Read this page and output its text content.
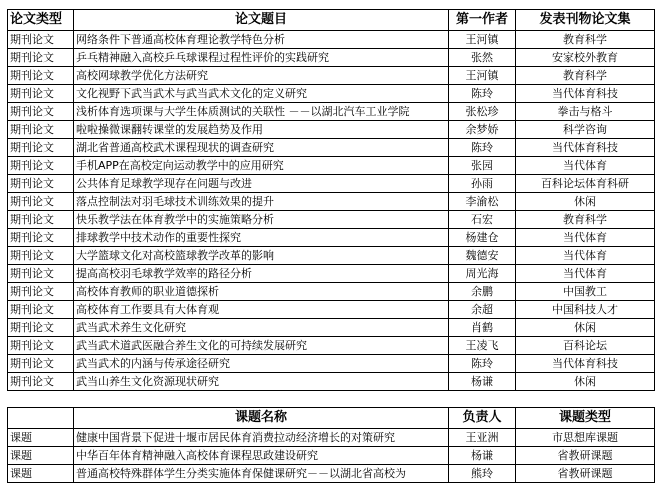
论文类型	论文题目	第一作者	发表刊物论文集
期刊论文	网络条件下普通高校体育理论教学特色分析	王河镇	教育科学
期刊论文	乒乓精神融入高校乒乓球课程过程性评价的实践研究	张然	安家校外教育
期刊论文	高校网球教学优化方法研究	王河镇	教育科学
期刊论文	文化视野下武当武术与武当武术文化的定义研究	陈玲	当代体育科技
期刊论文	浅析体育选项课与大学生体质测试的关联性 －－以湖北汽车工业学院	张松珍	拳击与格斗
期刊论文	啦啦操微课翻转课堂的发展趋势及作用	余梦娇	科学咨询
期刊论文	湖北省普通高校武术课程现状的调查研究	陈玲	当代体育科技
期刊论文	手机APP在高校定向运动教学中的应用研究	张园	当代体育
期刊论文	公共体育足球教学现存在问题与改进	孙雨	百科论坛体育科研
期刊论文	落点控制法对羽毛球技术训练效果的提升	李渝松	休闲
期刊论文	快乐教学法在体育教学中的实施策略分析	石宏	教育科学
期刊论文	排球教学中技术动作的重要性探究	杨建仓	当代体育
期刊论文	大学篮球文化对高校篮球教学改革的影响	魏德安	当代体育
期刊论文	提高高校羽毛球教学效率的路径分析	周光海	当代体育
期刊论文	高校体育教师的职业道德探析	余鹏	中国教工
期刊论文	高校体育工作要具有大体育观	余超	中国科技人才
期刊论文	武当武术养生文化研究	肖鹤	休闲
期刊论文	武当武术道武医融合养生文化的可持续发展研究	王凌飞	百科论坛
期刊论文	武当武术的内涵与传承途径研究	陈玲	当代体育科技
期刊论文	武当山养生文化资源现状研究	杨谦	休闲
	课题名称	负责人	课题类型
课题	健康中国背景下促进十堰市居民体育消费拉动经济增长的对策研究	王亚洲	市思想库课题
课题	中华百年体育精神融入高校体育课程思政建设研究	杨谦	省教研课题
课题	普通高校特殊群体学生分类实施体育保健课研究－－以湖北省高校为	熊玲	省教研课题
